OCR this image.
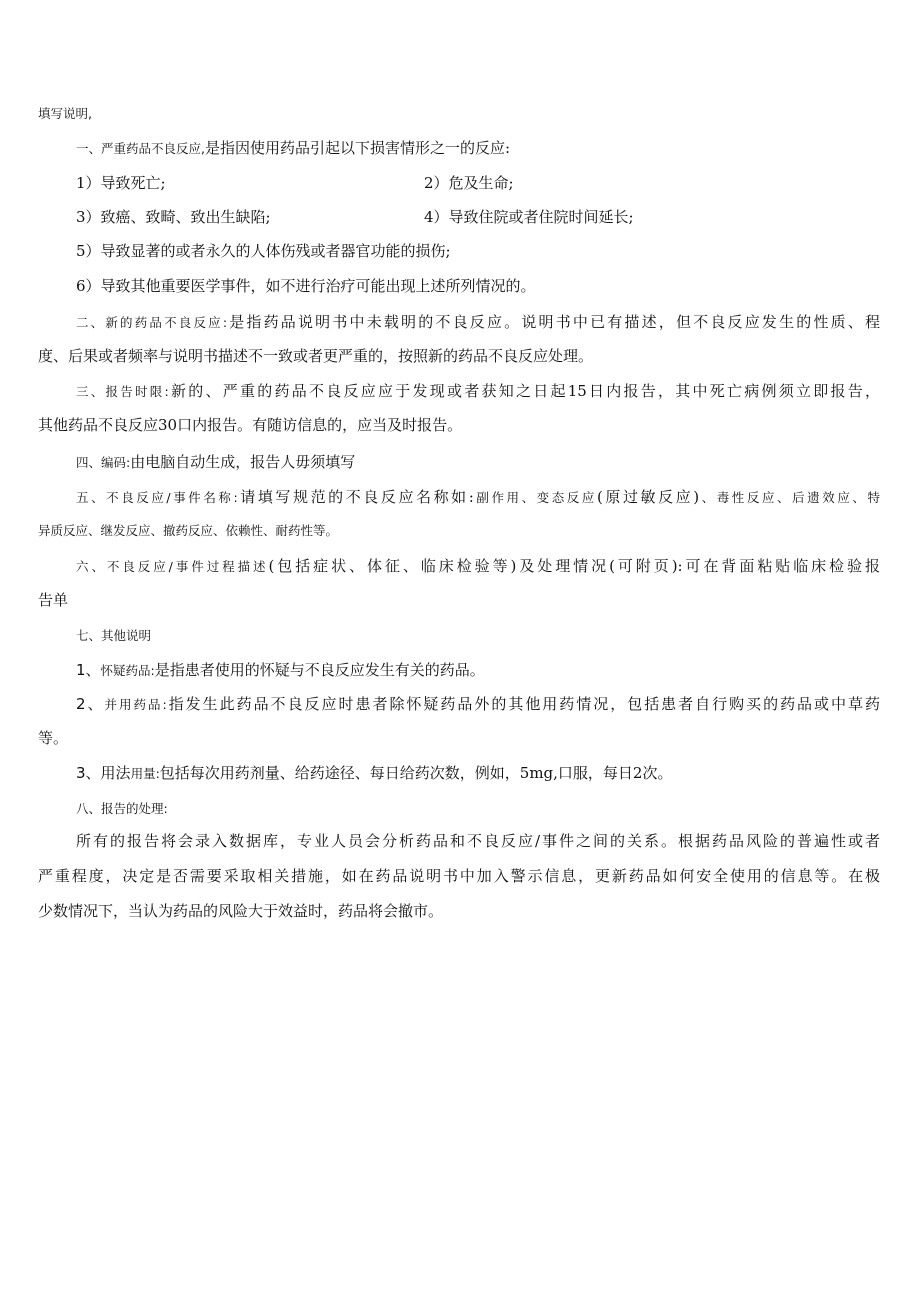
填写说明,
一、严重药品不良反应,是指因使用药品引起以下损害情形之一的反应:
1）导致死亡;	2）危及生命;
3）致癌、致畸、致出生缺陷;	4）导致住院或者住院时间延长;
5）导致显著的或者永久的人体伤残或者器官功能的损伤;
6）导致其他重要医学事件，如不进行治疗可能出现上述所列情况的。
二、新的药品不良反应:是指药品说明书中未载明的不良反应。说明书中已有描述，但不良反应发生的性质、程
度、后果或者频率与说明书描述不一致或者更严重的，按照新的药品不良反应处理。
三、报告时限:新的、严重的药品不良反应应于发现或者获知之日起15日内报告，其中死亡病例须立即报告，
其他药品不良反应30口内报告。有随访信息的，应当及时报告。
四、编码:由电脑自动生成，报告人毋须填写
五、不良反应/事件名称:请填写规范的不良反应名称如:副作用、变态反应(原过敏反应)、毒性反应、后遗效应、特
异质反应、继发反应、撤药反应、依赖性、耐药性等。
六、不良反应/事件过程描述(包括症状、体征、临床检验等)及处理情况(可附页):可在背面粘贴临床检验报
告单
七、其他说明
1、怀疑药品:是指患者使用的怀疑与不良反应发生有关的药品。
2、并用药品:指发生此药品不良反应时患者除怀疑药品外的其他用药情况，包括患者自行购买的药品或中草药
等。
3、用法用量:包括每次用药剂量、给药途径、每日给药次数，例如，5mg,口服，每日2次。
八、报告的处理:
所有的报告将会录入数据库，专业人员会分析药品和不良反应/事件之间的关系。根据药品风险的普遍性或者
严重程度，决定是否需要采取相关措施，如在药品说明书中加入警示信息，更新药品如何安全使用的信息等。在极
少数情况下，当认为药品的风险大于效益时，药品将会撤市。
